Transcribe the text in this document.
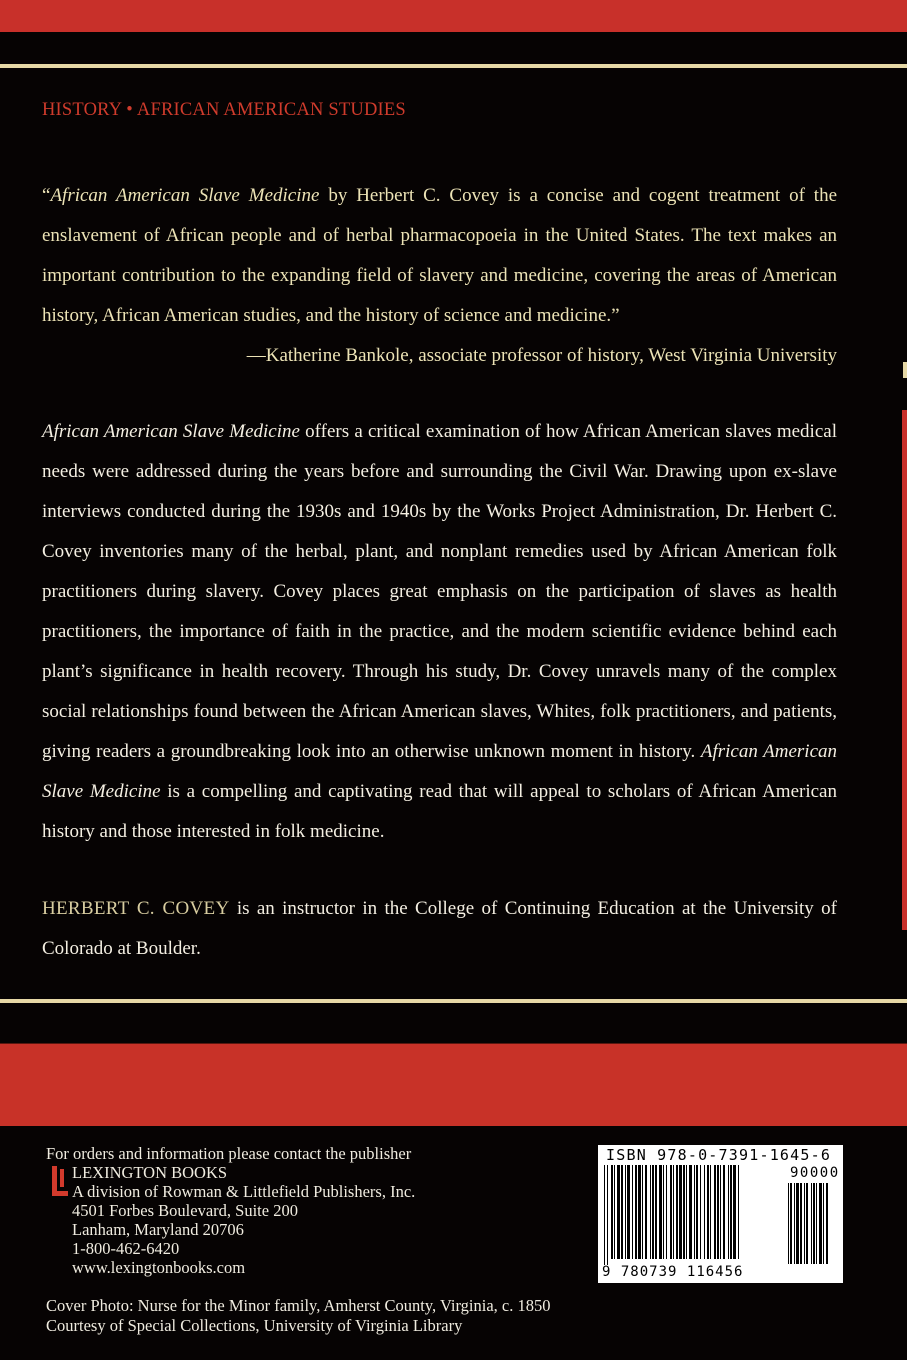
HISTORY • AFRICAN AMERICAN STUDIES

“African American Slave Medicine by Herbert C. Covey is a concise and cogent treatment of the enslavement of African people and of herbal pharmacopoeia in the United States. The text makes an important contribution to the expanding field of slavery and medicine, covering the areas of American history, African American studies, and the history of science and medicine.”

—Katherine Bankole, associate professor of history, West Virginia University

African American Slave Medicine offers a critical examination of how African American slaves medical needs were addressed during the years before and surrounding the Civil War. Drawing upon ex-slave interviews conducted during the 1930s and 1940s by the Works Project Administration, Dr. Herbert C. Covey inventories many of the herbal, plant, and nonplant remedies used by African American folk practitioners during slavery. Covey places great emphasis on the participation of slaves as health practitioners, the importance of faith in the practice, and the modern scientific evidence behind each plant’s significance in health recovery. Through his study, Dr. Covey unravels many of the complex social relationships found between the African American slaves, Whites, folk practitioners, and patients, giving readers a groundbreaking look into an otherwise unknown moment in history. African American Slave Medicine is a compelling and captivating read that will appeal to scholars of African American history and those interested in folk medicine.

HERBERT C. COVEY is an instructor in the College of Continuing Education at the University of Colorado at Boulder.

For orders and information please contact the publisher
LEXINGTON BOOKS
A division of Rowman & Littlefield Publishers, Inc.
4501 Forbes Boulevard, Suite 200
Lanham, Maryland 20706
1-800-462-6420
www.lexingtonbooks.com
Cover Photo: Nurse for the Minor family, Amherst County, Virginia, c. 1850
Courtesy of Special Collections, University of Virginia Library
ISBN 978-0-7391-1645-6
90000
9 780739 116456
